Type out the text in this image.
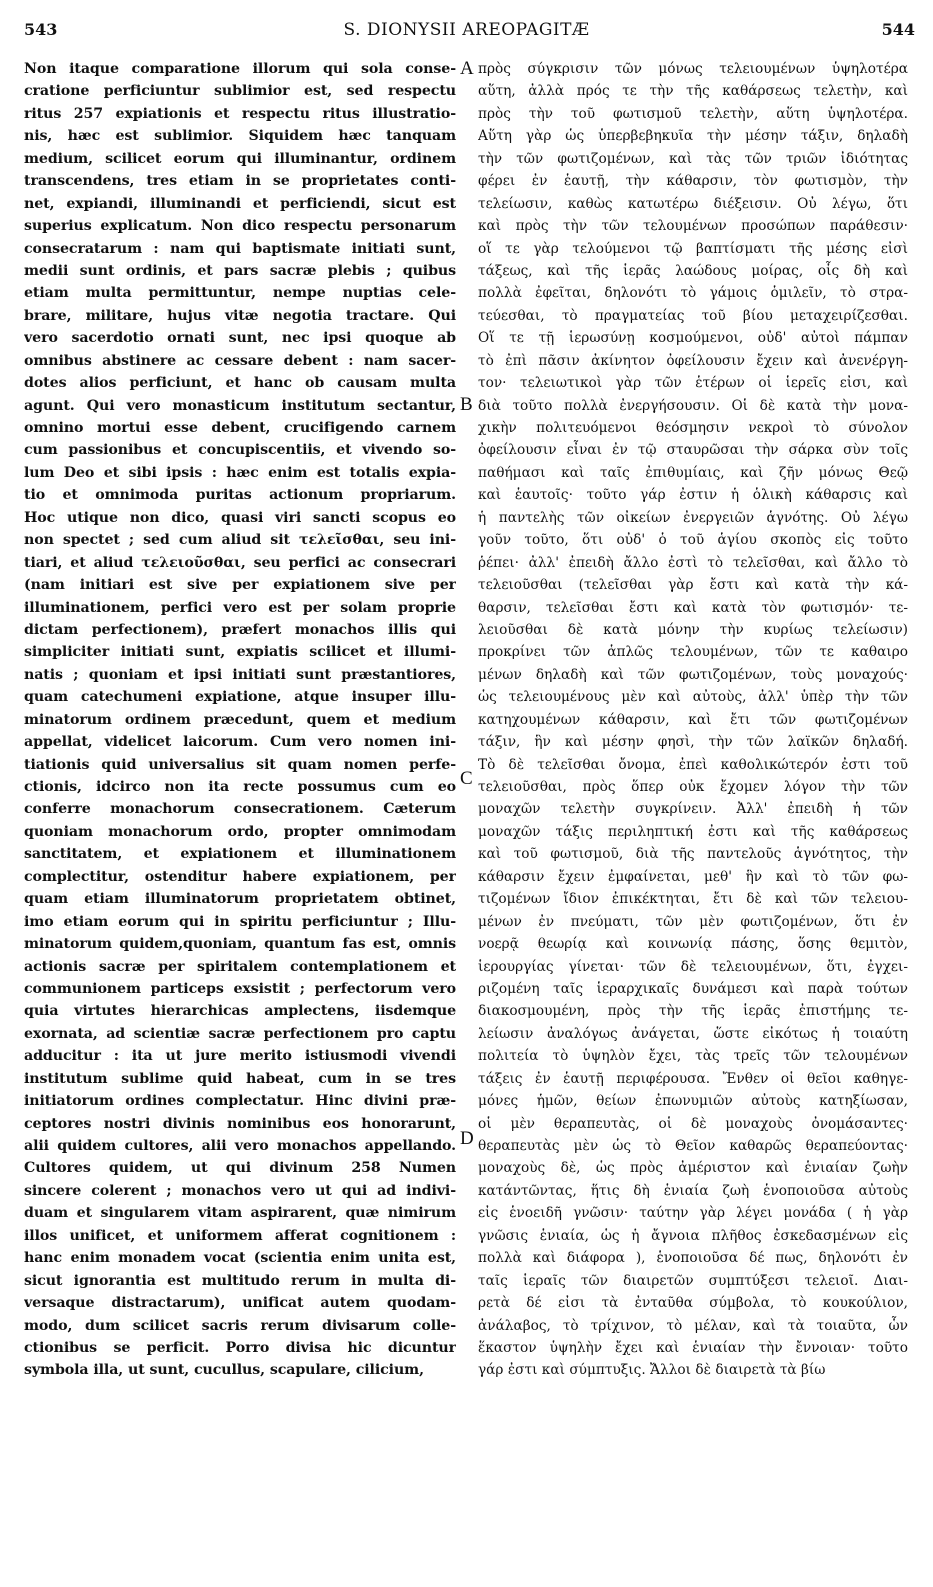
543	S. DIONYSII AREOPAGITÆ	544
Non itaque comparatione illorum qui sola conse-
cratione perficiuntur sublimior est, sed respectu
ritus 257 expiationis et respectu ritus illustratio-
nis, hæc est sublimior. Siquidem hæc tanquam
medium, scilicet eorum qui illuminantur, ordinem
transcendens, tres etiam in se proprietates conti-
net, expiandi, illuminandi et perficiendi, sicut est
superius explicatum. Non dico respectu personarum
consecratarum : nam qui baptismate initiati sunt,
medii sunt ordinis, et pars sacræ plebis ; quibus
etiam multa permittuntur, nempe nuptias cele-
brare, militare, hujus vitæ negotia tractare. Qui
vero sacerdotio ornati sunt, nec ipsi quoque ab
omnibus abstinere ac cessare debent : nam sacer-
dotes alios perficiunt, et hanc ob causam multa
agunt. Qui vero monasticum institutum sectantur,
omnino mortui esse debent, crucifigendo carnem
cum passionibus et concupiscentiis, et vivendo so-
lum Deo et sibi ipsis : hæc enim est totalis expia-
tio et omnimoda puritas actionum propriarum.
Hoc utique non dico, quasi viri sancti scopus eo
non spectet ; sed cum aliud sit τελεῖσθαι, seu ini-
tiari, et aliud τελειοῦσθαι, seu perfici ac consecrari
(nam initiari est sive per expiationem sive per
illuminationem, perfici vero est per solam proprie
dictam perfectionem), præfert monachos illis qui
simpliciter initiati sunt, expiatis scilicet et illumi-
natis ; quoniam et ipsi initiati sunt præstantiores,
quam catechumeni expiatione, atque insuper illu-
minatorum ordinem præcedunt, quem et medium
appellat, videlicet laicorum. Cum vero nomen ini-
tiationis quid universalius sit quam nomen perfe-
ctionis, idcirco non ita recte possumus cum eo
conferre monachorum consecrationem. Cæterum
quoniam monachorum ordo, propter omnimodam
sanctitatem, et expiationem et illuminationem
complectitur, ostenditur habere expiationem, per
quam etiam illuminatorum proprietatem obtinet,
imo etiam eorum qui in spiritu perficiuntur ; Illu-
minatorum quidem,quoniam, quantum fas est, omnis
actionis sacræ per spiritalem contemplationem et
communionem particeps exsistit ; perfectorum vero
quia virtutes hierarchicas amplectens, iisdemque
exornata, ad scientiæ sacræ perfectionem pro captu
adducitur : ita ut jure merito istiusmodi vivendi
institutum sublime quid habeat, cum in se tres
initiatorum ordines complectatur. Hinc divini præ-
ceptores nostri divinis nominibus eos honorarunt,
alii quidem cultores, alii vero monachos appellando.
Cultores quidem, ut qui divinum 258 Numen
sincere colerent ; monachos vero ut qui ad indivi-
duam et singularem vitam aspirarent, quæ nimirum
illos unificet, et uniformem afferat cognitionem :
hanc enim monadem vocat (scientia enim unita est,
sicut ignorantia est multitudo rerum in multa di-
versaque distractarum), unificat autem quodam-
modo, dum scilicet sacris rerum divisarum colle-
ctionibus se perficit. Porro divisa hic dicuntur
symbola illa, ut sunt, cucullus, scapulare, cilicium,
πρὸς σύγκρισιν τῶν μόνως τελειουμένων ὑψηλοτέρα
αὕτη, ἀλλὰ πρός τε τὴν τῆς καθάρσεως τελετὴν, καὶ
πρὸς τὴν τοῦ φωτισμοῦ τελετὴν, αὕτη ὑψηλοτέρα.
Αὕτη γὰρ ὡς ὑπερβεβηκυῖα τὴν μέσην τάξιν, δηλαδὴ
τὴν τῶν φωτιζομένων, καὶ τὰς τῶν τριῶν ἰδιότητας
φέρει ἐν ἑαυτῇ, τὴν κάθαρσιν, τὸν φωτισμὸν, τὴν
τελείωσιν, καθὼς κατωτέρω διέξεισιν. Οὐ λέγω, ὅτι
καὶ πρὸς τὴν τῶν τελουμένων προσώπων παράθεσιν·
οἵ τε γὰρ τελούμενοι τῷ βαπτίσματι τῆς μέσης εἰσὶ
τάξεως, καὶ τῆς ἱερᾶς λαώδους μοίρας, οἷς δὴ καὶ
πολλὰ ἐφεῖται, δηλονότι τὸ γάμοις ὁμιλεῖν, τὸ στρα-
τεύεσθαι, τὸ πραγματείας τοῦ βίου μεταχειρίζεσθαι.
Οἵ τε τῇ ἱερωσύνῃ κοσμούμενοι, οὐδ' αὐτοὶ πάμπαν
τὸ ἐπὶ πᾶσιν ἀκίνητον ὀφείλουσιν ἔχειν καὶ ἀνενέργη-
τον· τελειωτικοὶ γὰρ τῶν ἑτέρων οἱ ἱερεῖς εἰσι, καὶ
διὰ τοῦτο πολλὰ ἐνεργήσουσιν. Οἱ δὲ κατὰ τὴν μονα-
χικὴν πολιτευόμενοι θεόσμησιν νεκροὶ τὸ σύνολον
ὀφείλουσιν εἶναι ἐν τῷ σταυρῶσαι τὴν σάρκα σὺν τοῖς
παθήμασι καὶ ταῖς ἐπιθυμίαις, καὶ ζῆν μόνως Θεῷ
καὶ ἑαυτοῖς· τοῦτο γάρ ἐστιν ἡ ὁλικὴ κάθαρσις καὶ
ἡ παντελὴς τῶν οἰκείων ἐνεργειῶν ἁγνότης. Οὐ λέγω
γοῦν τοῦτο, ὅτι οὐδ' ὁ τοῦ ἁγίου σκοπὸς εἰς τοῦτο
ῥέπει· ἀλλ' ἐπειδὴ ἄλλο ἐστὶ τὸ τελεῖσθαι, καὶ ἄλλο τὸ
τελειοῦσθαι (τελεῖσθαι γὰρ ἔστι καὶ κατὰ τὴν κά-
θαρσιν, τελεῖσθαι ἔστι καὶ κατὰ τὸν φωτισμόν· τε-
λειοῦσθαι δὲ κατὰ μόνην τὴν κυρίως τελείωσιν)
προκρίνει τῶν ἁπλῶς τελουμένων, τῶν τε καθαιρο
μένων δηλαδὴ καὶ τῶν φωτιζομένων, τοὺς μοναχούς·
ὡς τελειουμένους μὲν καὶ αὐτοὺς, ἀλλ' ὑπὲρ τὴν τῶν
κατηχουμένων κάθαρσιν, καὶ ἔτι τῶν φωτιζομένων
τάξιν, ἣν καὶ μέσην φησὶ, τὴν τῶν λαϊκῶν δηλαδή.
Τὸ δὲ τελεῖσθαι ὄνομα, ἐπεὶ καθολικώτερόν ἐστι τοῦ
τελειοῦσθαι, πρὸς ὅπερ οὐκ ἔχομεν λόγον τὴν τῶν
μοναχῶν τελετὴν συγκρίνειν. Ἀλλ' ἐπειδὴ ἡ τῶν
μοναχῶν τάξις περιληπτική ἐστι καὶ τῆς καθάρσεως
καὶ τοῦ φωτισμοῦ, διὰ τῆς παντελοῦς ἁγνότητος, τὴν
κάθαρσιν ἔχειν ἐμφαίνεται, μεθ' ἣν καὶ τὸ τῶν φω-
τιζομένων ἴδιον ἐπικέκτηται, ἔτι δὲ καὶ τῶν τελειου-
μένων ἐν πνεύματι, τῶν μὲν φωτιζομένων, ὅτι ἐν
νοερᾷ θεωρίᾳ καὶ κοινωνίᾳ πάσης, ὅσης θεμιτὸν,
ἱερουργίας γίνεται· τῶν δὲ τελειουμένων, ὅτι, ἐγχει-
ριζομένη ταῖς ἱεραρχικαῖς δυνάμεσι καὶ παρὰ τούτων
διακοσμουμένη, πρὸς τὴν τῆς ἱερᾶς ἐπιστήμης τε-
λείωσιν ἀναλόγως ἀνάγεται, ὥστε εἰκότως ἡ τοιαύτη
πολιτεία τὸ ὑψηλὸν ἔχει, τὰς τρεῖς τῶν τελουμένων
τάξεις ἐν ἑαυτῇ περιφέρουσα. Ἔνθεν οἱ θεῖοι καθηγε-
μόνες ἡμῶν, θείων ἐπωνυμιῶν αὐτοὺς κατηξίωσαν,
οἱ μὲν θεραπευτὰς, οἱ δὲ μοναχοὺς ὀνομάσαντες·
θεραπευτὰς μὲν ὡς τὸ Θεῖον καθαρῶς θεραπεύοντας·
μοναχοὺς δὲ, ὡς πρὸς ἀμέριστον καὶ ἑνιαίαν ζωὴν
κατάντῶντας, ἥτις δὴ ἑνιαία ζωὴ ἑνοποιοῦσα αὐτοὺς
εἰς ἑνοειδῆ γνῶσιν· ταύτην γὰρ λέγει μονάδα ( ἡ γὰρ
γνῶσις ἑνιαία, ὡς ἡ ἄγνοια πλῆθος ἐσκεδασμένων εἰς
πολλὰ καὶ διάφορα ), ἑνοποιοῦσα δέ πως, δηλονότι ἐν
ταῖς ἱεραῖς τῶν διαιρετῶν συμπτύξεσι τελειοῖ. Διαι-
ρετὰ δέ εἰσι τὰ ἐνταῦθα σύμβολα, τὸ κουκούλιον,
ἀνάλαβος, τὸ τρίχινον, τὸ μέλαν, καὶ τὰ τοιαῦτα, ὧν
ἕκαστον ὑψηλὴν ἔχει καὶ ἑνιαίαν τὴν ἔννοιαν· τοῦτο
γάρ ἐστι καὶ σύμπτυξις. Ἄλλοι δὲ διαιρετὰ τὰ βίω
A
B
C
D
